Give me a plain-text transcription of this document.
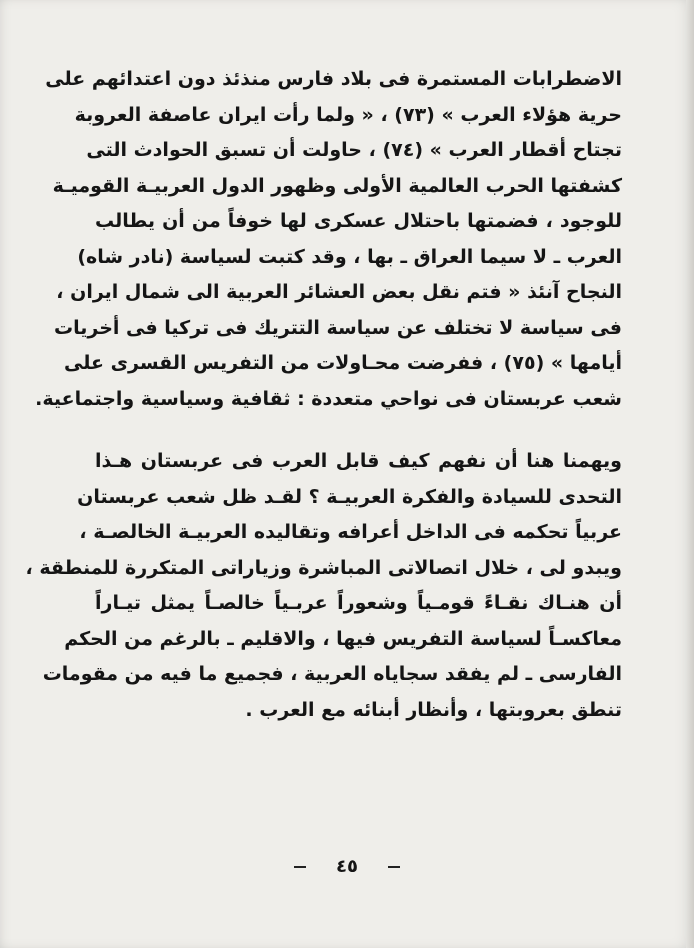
الاضطرابات المستمرة فى بلاد فارس منذئذ دون اعتدائهم على
حرية هؤلاء العرب » (٧٣) ، « ولما رأت ايران عاصفة العروبة
تجتاح أقطار العرب » (٧٤) ، حاولت أن تسبق الحوادث التى
كشفتها الحرب العالمية الأولى وظهور الدول العربيـة القوميـة
للوجود ، فضمتها باحتلال عسكرى لها خوفاً من أن يطالب
العرب ـ لا سيما العراق ـ بها ، وقد كتبت لسياسة (نادر شاه)
النجاح آنئذ « فتم نقل بعض العشائر العربية الى شمال ايران ،
فى سياسة لا تختلف عن سياسة التتريك فى تركيا فى أخريات
أيامها » (٧٥) ، ففرضت محـاولات من التفريس القسرى على
شعب عربستان فى نواحي متعددة : ثقافية وسياسية واجتماعية.
ويهمنا هنا أن نفهم كيف قابل العرب فى عربستان هـذا
التحدى للسيادة والفكرة العربيـة ؟ لقـد ظل شعب عربستان
عربياً تحكمه فى الداخل أعرافه وتقاليده العربيـة الخالصـة ،
ويبدو لى ، خلال اتصالاتى المباشرة وزياراتى المتكررة للمنطقة ،
أن هنـاك نقـاءً قومـياً وشعوراً عربـياً خالصـاً يمثل تيـاراً
معاكسـاً لسياسة التفريس فيها ، والاقليم ـ بالرغم من الحكم
الفارسى ـ لم يفقد سجاياه العربية ، فجميع ما فيه من مقومات
تنطق بعروبتها ، وأنظار أبنائه مع العرب .
٤٥
